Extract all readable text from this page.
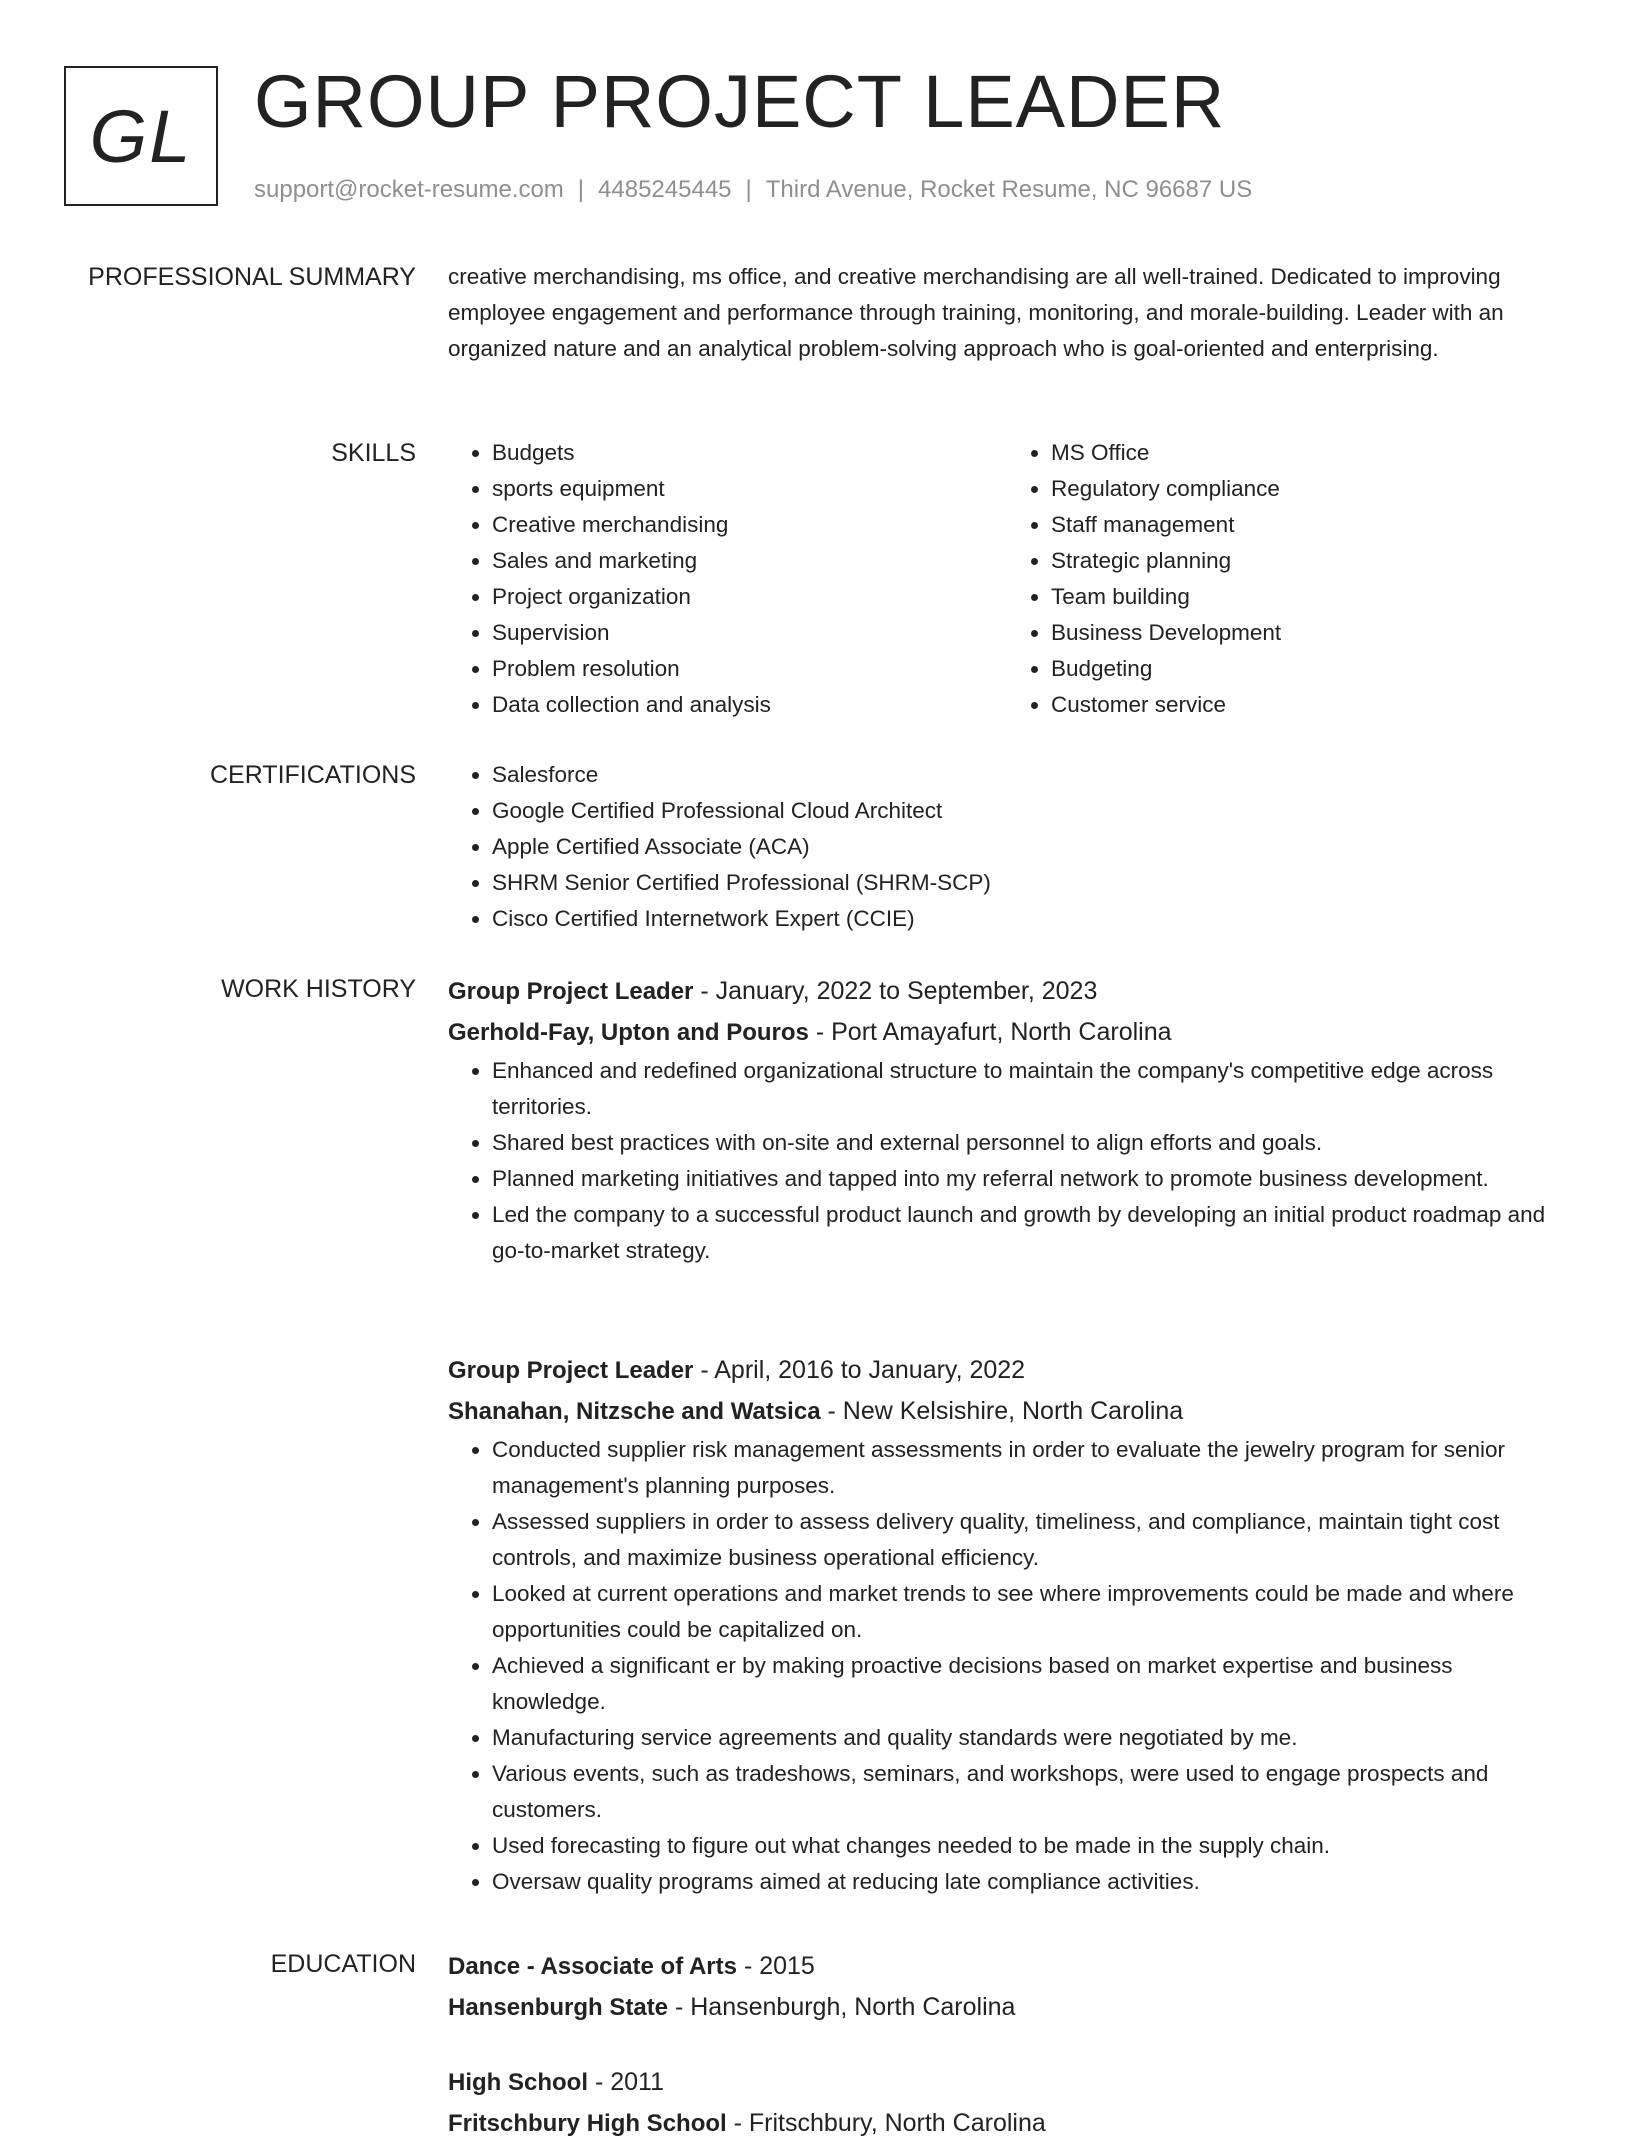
GL GROUP PROJECT LEADER
support@rocket-resume.com | 4485245445 | Third Avenue, Rocket Resume, NC 96687 US
PROFESSIONAL SUMMARY creative merchandising, ms office, and creative merchandising are all well-trained. Dedicated to improving employee engagement and performance through training, monitoring, and morale-building. Leader with an organized nature and an analytical problem-solving approach who is goal-oriented and enterprising.

SKILLS	• Budgets
• sports equipment
• Creative merchandising
• Sales and marketing
• Project organization
• Supervision
• Problem resolution
• Data collection and analysis
• MS Office
• Regulatory compliance
• Staff management
• Strategic planning
• Team building
• Business Development
• Budgeting
• Customer service
CERTIFICATIONS	• Salesforce
• Google Certified Professional Cloud Architect
• Apple Certified Associate (ACA)
• SHRM Senior Certified Professional (SHRM-SCP)
• Cisco Certified Internetwork Expert (CCIE)
WORK HISTORY Group Project Leader - January, 2022 to September, 2023
Gerhold-Fay, Upton and Pouros - Port Amayafurt, North Carolina
• Enhanced and redefined organizational structure to maintain the company's competitive edge across territories.
• Shared best practices with on-site and external personnel to align efforts and goals.
• Planned marketing initiatives and tapped into my referral network to promote business development.
• Led the company to a successful product launch and growth by developing an initial product roadmap and go-to-market strategy.
Group Project Leader - April, 2016 to January, 2022
Shanahan, Nitzsche and Watsica - New Kelsishire, North Carolina
• Conducted supplier risk management assessments in order to evaluate the jewelry program for senior management's planning purposes.
• Assessed suppliers in order to assess delivery quality, timeliness, and compliance, maintain tight cost controls, and maximize business operational efficiency.
• Looked at current operations and market trends to see where improvements could be made and where opportunities could be capitalized on.
• Achieved a significant er by making proactive decisions based on market expertise and business knowledge.
• Manufacturing service agreements and quality standards were negotiated by me.
• Various events, such as tradeshows, seminars, and workshops, were used to engage prospects and customers.
• Used forecasting to figure out what changes needed to be made in the supply chain.
• Oversaw quality programs aimed at reducing late compliance activities.
EDUCATION Dance - Associate of Arts - 2015
Hansenburgh State - Hansenburgh, North Carolina
High School - 2011
Fritschbury High School - Fritschbury, North Carolina
